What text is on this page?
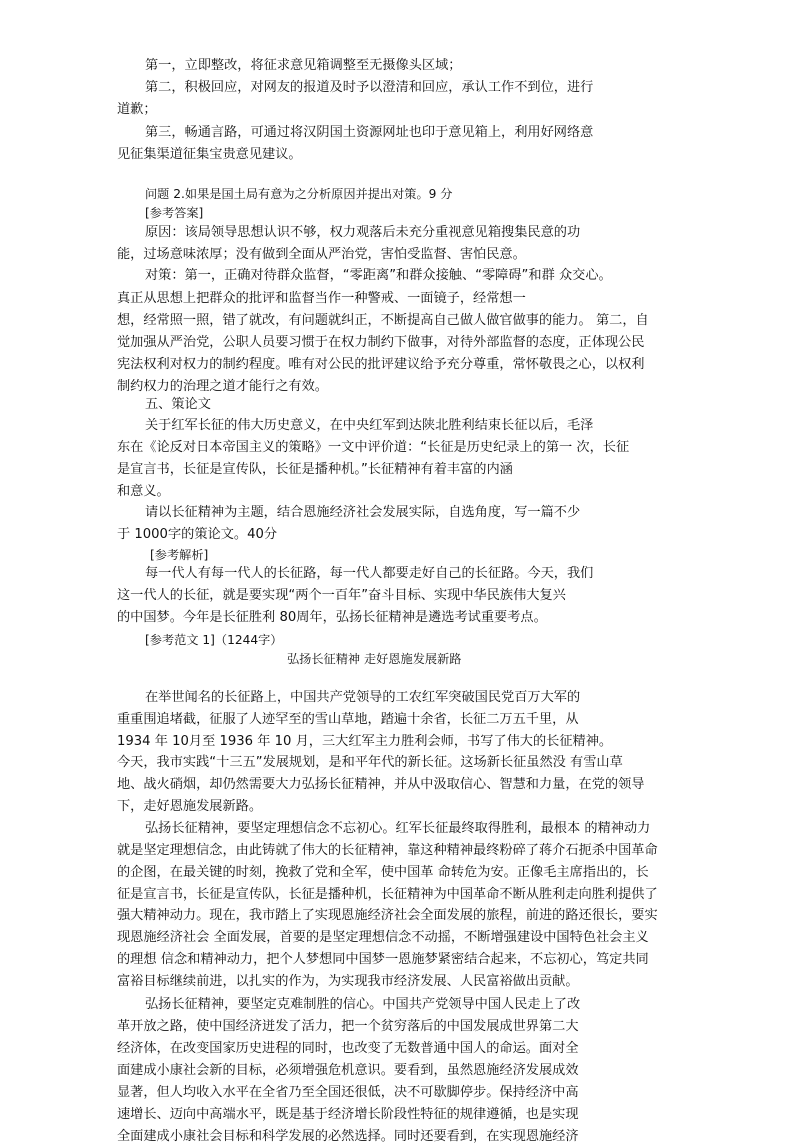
第一，立即整改，将征求意见箱调整至无摄像头区域；
第二，积极回应，对网友的报道及时予以澄清和回应，承认工作不到位，进行
道歉；
第三，畅通言路，可通过将汉阴国土资源网址也印于意见箱上，利用好网络意
见征集渠道征集宝贵意见建议。
问题 2.如果是国土局有意为之分析原因并提出对策。9 分
[参考答案]
原因：该局领导思想认识不够，权力观落后未充分重视意见箱搜集民意的功
能，过场意味浓厚；没有做到全面从严治党，害怕受监督、害怕民意。
对策：第一，正确对待群众监督，“零距离”和群众接触、“零障碍”和群 众交心。
真正从思想上把群众的批评和监督当作一种警戒、一面镜子，经常想一
想，经常照一照，错了就改，有问题就纠正，不断提高自己做人做官做事的能力。 第二，自
觉加强从严治党，公职人员要习惯于在权力制约下做事，对待外部监督的态度，正体现公民
宪法权利对权力的制约程度。唯有对公民的批评建议给予充分尊重，常怀敬畏之心，以权利
制约权力的治理之道才能行之有效。
五、策论文
关于红军长征的伟大历史意义，在中央红军到达陕北胜利结束长征以后，毛泽
东在《论反对日本帝国主义的策略》一文中评价道：“长征是历史纪录上的第一 次，长征
是宣言书，长征是宣传队，长征是播种机。”长征精神有着丰富的内涵
和意义。
请以长征精神为主题，结合恩施经济社会发展实际，自选角度，写一篇不少
于 1000字的策论文。40分
[参考解析]
每一代人有每一代人的长征路，每一代人都要走好自己的长征路。今天，我们
这一代人的长征，就是要实现“两个一百年”奋斗目标、实现中华民族伟大复兴
的中国梦。今年是长征胜利 80周年，弘扬长征精神是遴选考试重要考点。
[参考范文 1]（1244字）
弘扬长征精神 走好恩施发展新路
在举世闻名的长征路上，中国共产党领导的工农红军突破国民党百万大军的
重重围追堵截，征服了人迹罕至的雪山草地，踏遍十余省，长征二万五千里，从
1934 年 10月至 1936 年 10 月，三大红军主力胜利会师，书写了伟大的长征精神。
今天，我市实践“十三五”发展规划，是和平年代的新长征。这场新长征虽然没 有雪山草
地、战火硝烟，却仍然需要大力弘扬长征精神，并从中汲取信心、智慧和力量，在党的领导
下，走好恩施发展新路。
弘扬长征精神，要坚定理想信念不忘初心。红军长征最终取得胜利，最根本 的精神动力
就是坚定理想信念，由此铸就了伟大的长征精神，靠这种精神最终粉碎了蒋介石扼杀中国革命
的企图，在最关键的时刻，挽救了党和全军，使中国革 命转危为安。正像毛主席指出的，长
征是宣言书，长征是宣传队，长征是播种机，长征精神为中国革命不断从胜利走向胜利提供了
强大精神动力。现在，我市踏上了实现恩施经济社会全面发展的旅程，前进的路还很长，要实
现恩施经济社会 全面发展，首要的是坚定理想信念不动摇，不断增强建设中国特色社会主义
的理想 信念和精神动力，把个人梦想同中国梦一恩施梦紧密结合起来，不忘初心，笃定共同
富裕目标继续前进，以扎实的作为，为实现我市经济发展、人民富裕做出贡献。
弘扬长征精神，要坚定克难制胜的信心。中国共产党领导中国人民走上了改
革开放之路，使中国经济迸发了活力，把一个贫穷落后的中国发展成世界第二大
经济体，在改变国家历史进程的同时，也改变了无数普通中国人的命运。面对全
面建成小康社会新的目标，必须增强危机意识。要看到，虽然恩施经济发展成效
显著，但人均收入水平在全省乃至全国还很低，决不可歇脚停步。保持经济中高
速增长、迈向中高端水平，既是基于经济增长阶段性特征的规律遵循，也是实现
全面建成小康社会目标和科学发展的必然选择。同时还要看到，在实现恩施经济
